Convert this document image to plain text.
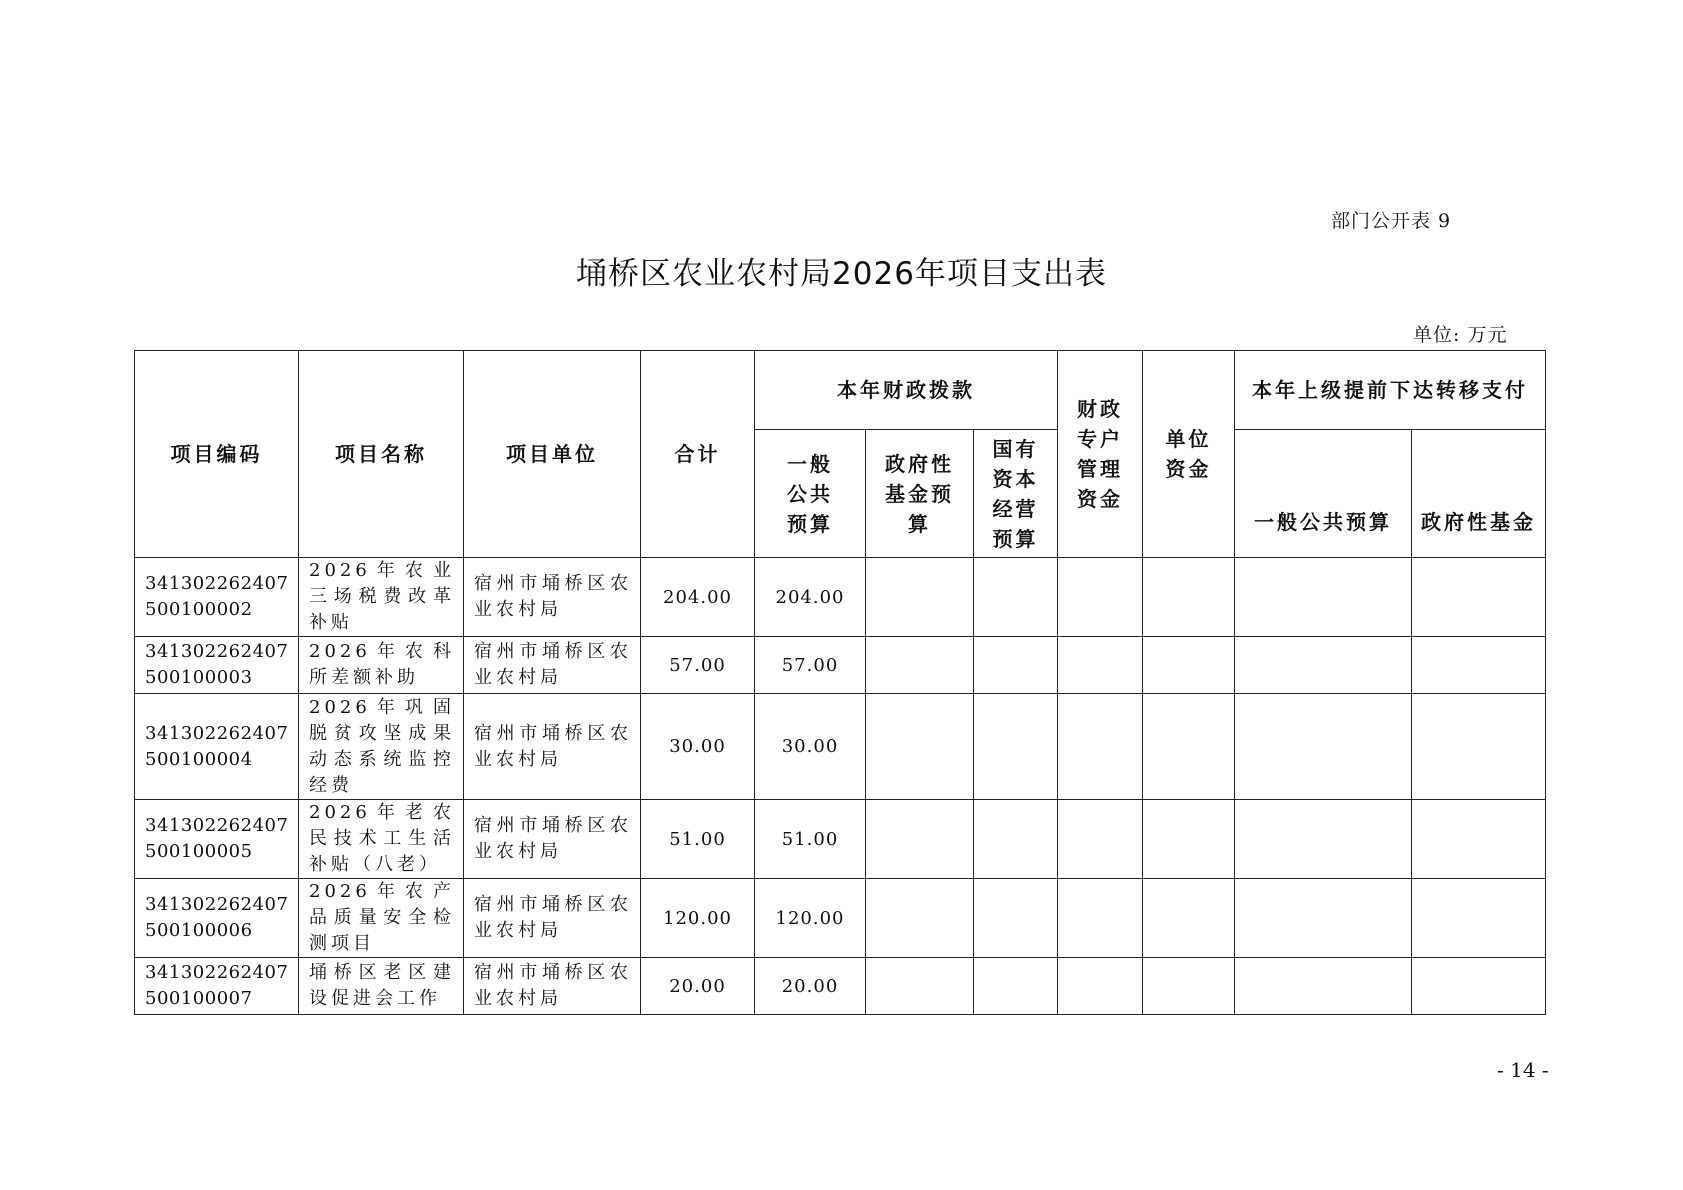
部门公开表 9
埇桥区农业农村局2026年项目支出表
单位: 万元
项目编码	项目名称	项目单位	合计	本年财政拨款			财政专户管理资金	单位资金	本年上级提前下达转移支付	
				一般公共预算	政府性基金预算	国有资本经营预算			一般公共预算	政府性基金
341302262407500100002	2026年农业三场税费改革补贴	宿州市埇桥区农业农村局	204.00	204.00						
341302262407500100003	2026年农科所差额补助	宿州市埇桥区农业农村局	57.00	57.00						
341302262407500100004	2026年巩固脱贫攻坚成果动态系统监控经费	宿州市埇桥区农业农村局	30.00	30.00						
341302262407500100005	2026年老农民技术工生活补贴（八老）	宿州市埇桥区农业农村局	51.00	51.00						
341302262407500100006	2026年农产品质量安全检测项目	宿州市埇桥区农业农村局	120.00	120.00						
341302262407500100007	埇桥区老区建设促进会工作	宿州市埇桥区农业农村局	20.00	20.00						
- 14 -
